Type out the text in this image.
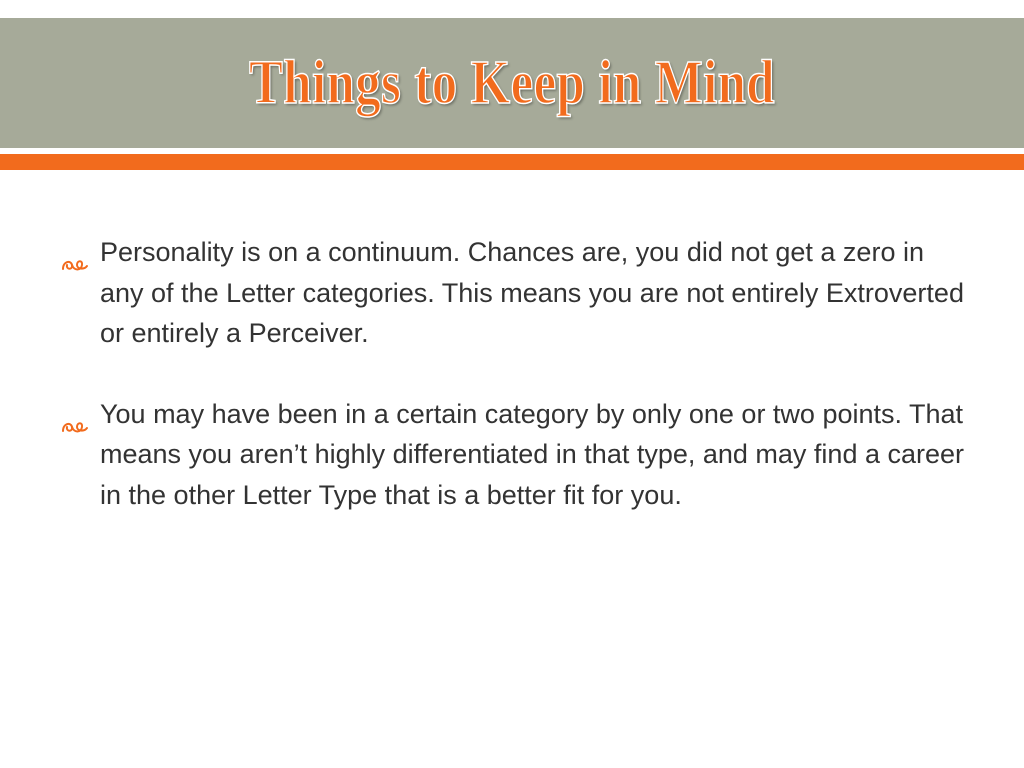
Things to Keep in Mind
Personality is on a continuum. Chances are, you did not get a zero in any of the Letter categories. This means you are not entirely Extroverted or entirely a Perceiver.
You may have been in a certain category by only one or two points. That means you aren’t highly differentiated in that type, and may find a career in the other Letter Type that is a better fit for you.
